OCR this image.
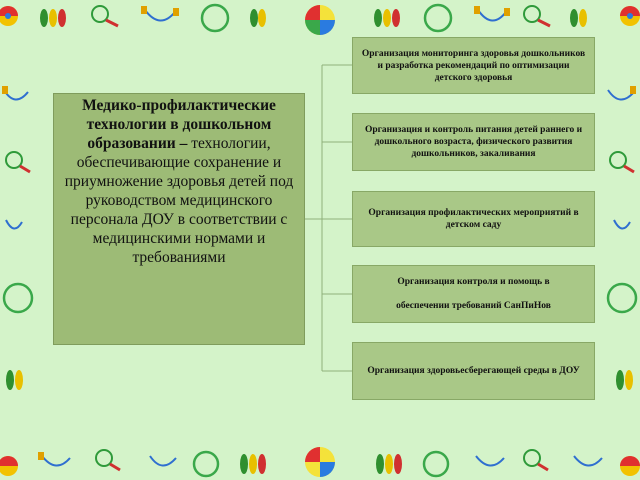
Медико-профилактические технологии в дошкольном образовании – технологии, обеспечивающие сохранение и приумножение здоровья детей под руководством медицинского персонала ДОУ в соответствии с медицинскими нормами и требованиями
Организация мониторинга здоровья дошкольников и разработка рекомендаций по оптимизации детского здоровья
Организация и контроль питания детей раннего и дошкольного возраста, физического развития дошкольников, закаливания
Организация профилактических мероприятий в детском саду
Организация контроля и помощь в
обеспечении требований СанПиНов
Организация здоровьесберегающей среды в ДОУ
